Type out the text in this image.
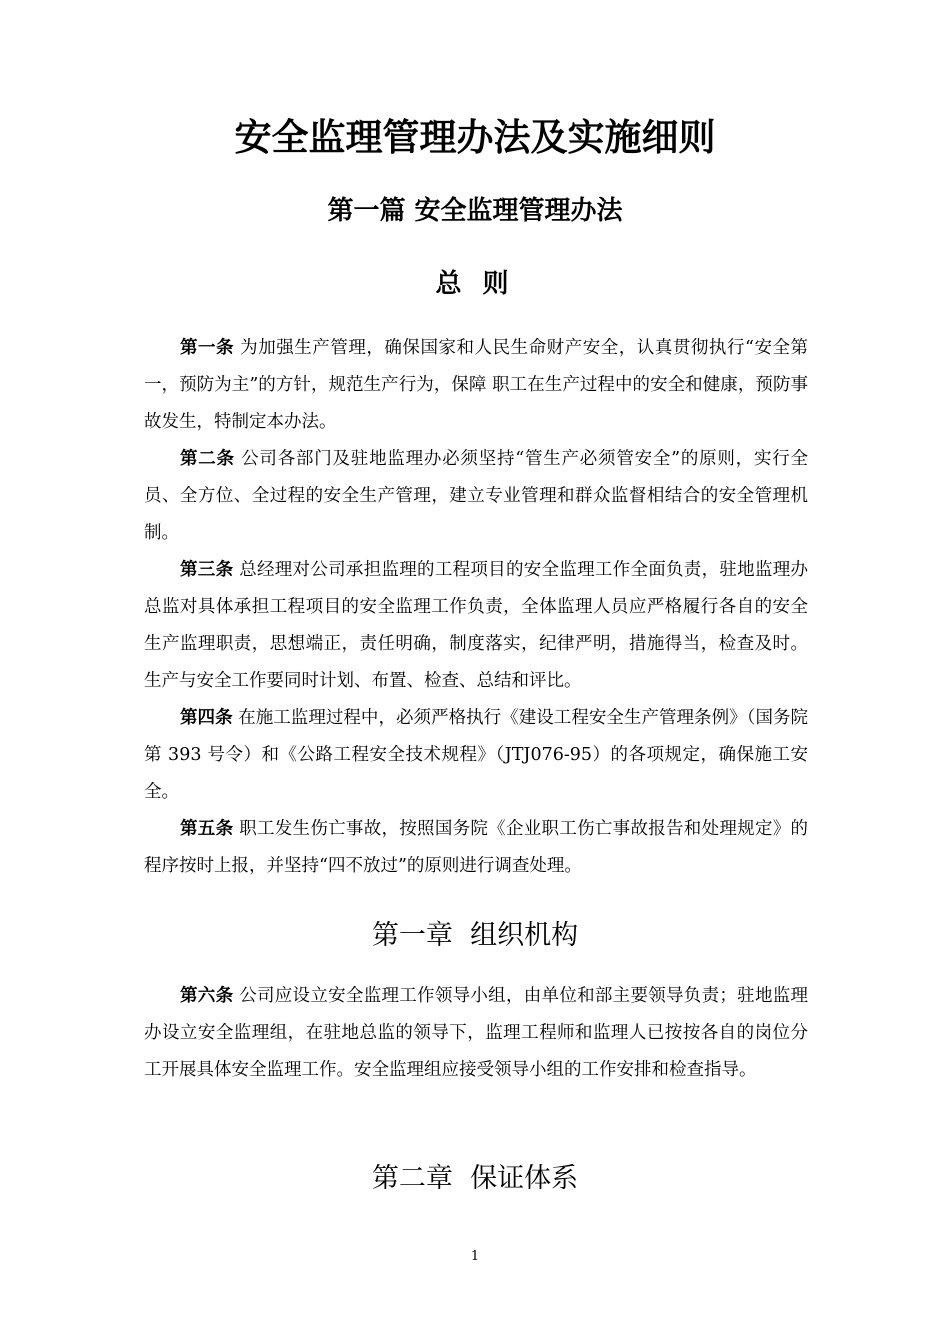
安全监理管理办法及实施细则
第一篇 安全监理管理办法
总 则

第一条 为加强生产管理，确保国家和人民生命财产安全，认真贯彻执行“安全第一，预防为主”的方针，规范生产行为，保障 职工在生产过程中的安全和健康，预防事故发生，特制定本办法。

第二条 公司各部门及驻地监理办必须坚持“管生产必须管安全”的原则，实行全员、全方位、全过程的安全生产管理，建立专业管理和群众监督相结合的安全管理机制。

第三条 总经理对公司承担监理的工程项目的安全监理工作全面负责，驻地监理办总监对具体承担工程项目的安全监理工作负责，全体监理人员应严格履行各自的安全生产监理职责，思想端正，责任明确，制度落实，纪律严明，措施得当，检查及时。生产与安全工作要同时计划、布置、检查、总结和评比。

第四条 在施工监理过程中，必须严格执行《建设工程安全生产管理条例》（国务院第 393 号令）和《公路工程安全技术规程》（JTJ076-95）的各项规定，确保施工安全。

第五条 职工发生伤亡事故，按照国务院《企业职工伤亡事故报告和处理规定》的程序按时上报，并坚持“四不放过”的原则进行调查处理。

第一章  组织机构

第六条 公司应设立安全监理工作领导小组，由单位和部主要领导负责；驻地监理办设立安全监理组，在驻地总监的领导下，监理工程师和监理人已按按各自的岗位分工开展具体安全监理工作。安全监理组应接受领导小组的工作安排和检查指导。

第二章  保证体系
1
